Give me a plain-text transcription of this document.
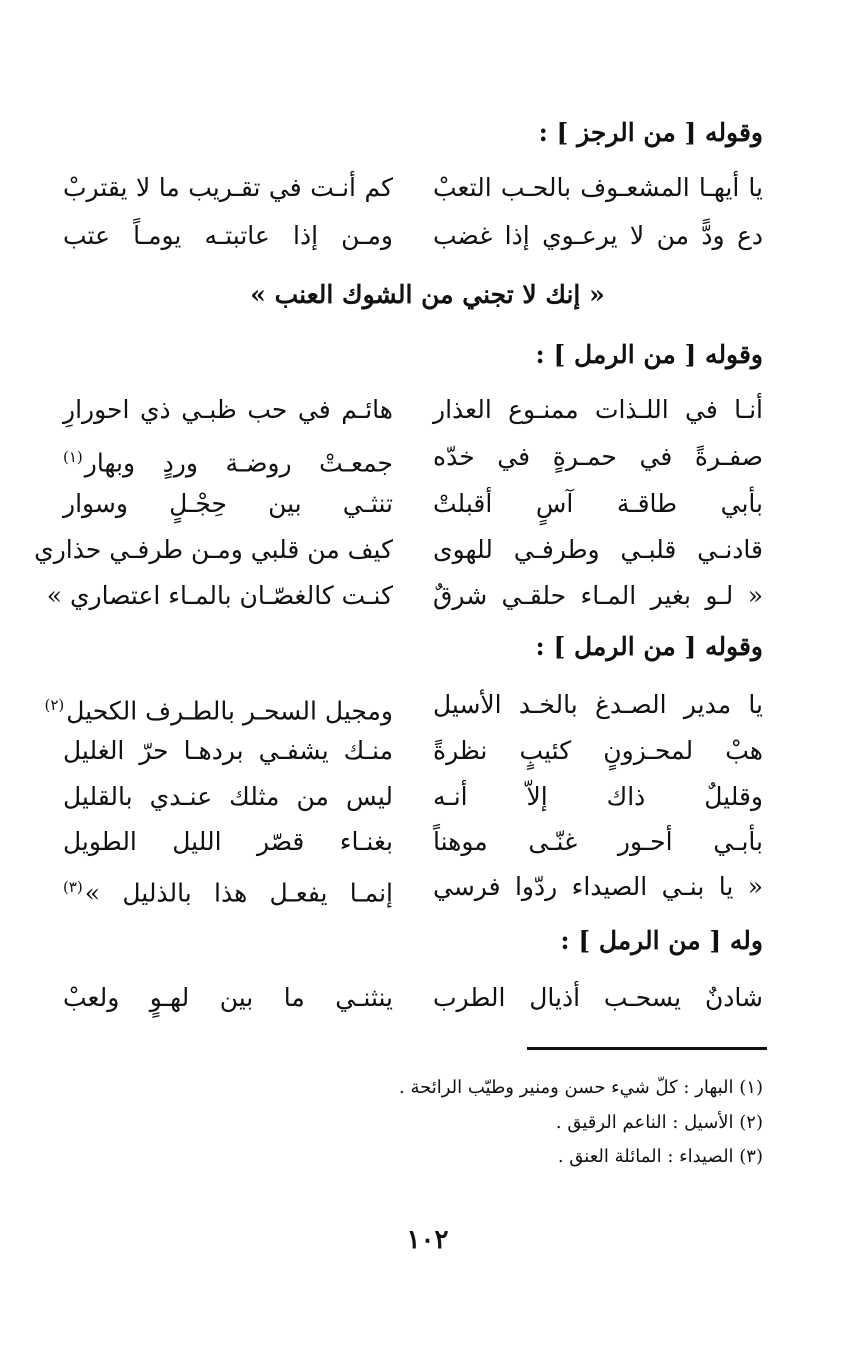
وقوله [ من الرجز ] :
يا أيهـا المشعـوف بالحـب التعبْ
كم أنـت في تقـريب ما لا يقتربْ
دع ودًّ من لا يرعـوي إذا غضب
ومـن إذا عاتبتـه يومـاً عتب
« إنك لا تجني من الشوك العنب »
وقوله [ من الرمل ] :
أنـا في اللـذات ممنـوع العذار
هائـم في حب ظبـي ذي احورارِ
صفـرةً في حمـرةٍ في خدّه
جمعـتْ روضـة وردٍ وبهار$^{(١)}$
بأبي طاقـة آسٍ أقبلتْ
تنثـي بين حِجْـلٍ وسوار
قادنـي قلبـي وطرفـي للهوى
كيف من قلبي ومـن طرفـي حذاري
« لـو بغير المـاء حلقـي شرقٌ
كنـت كالغصّـان بالمـاء اعتصاري »
وقوله [ من الرمل ] :
يا مدير الصـدغ بالخـد الأسيل
ومجيل السحـر بالطـرف الكحيل$^{(٢)}$
هبْ لمحـزونٍ كئيبٍ نظرةً
منـك يشفـي بردهـا حرّ الغليل
وقليلٌ ذاك إلاّ أنـه
ليس من مثلك عنـدي بالقليل
بأبـي أحـور غنّـى موهناً
بغنـاء قصّر الليل الطويل
« يا بنـي الصيداء ردّوا فرسي
إنمـا يفعـل هذا بالذليل »$^{(٣)}$
وله [ من الرمل ] :
شادنٌ يسحـب أذيال الطرب
ينثنـي ما بين لهـوٍ ولعبْ
(١) البهار : كلّ شيء حسن ومنير وطيّب الرائحة .
(٢) الأسيل : الناعم الرقيق .
(٣) الصيداء : المائلة العنق .
١٠٢
